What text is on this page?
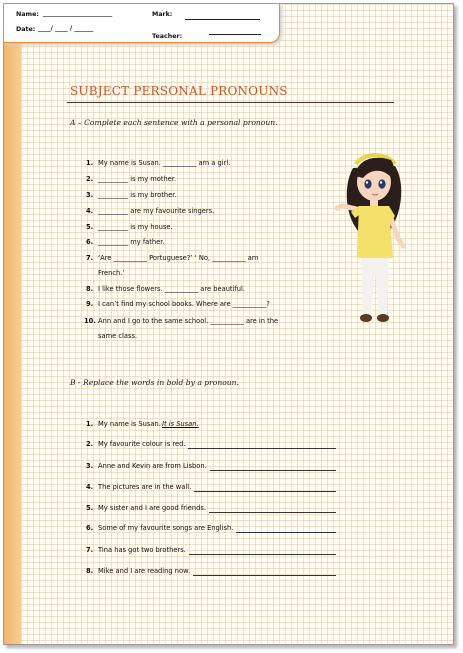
Name: ______________________	Mark:
Date: ____/ ____ / ______
Teacher:
SUBJECT PERSONAL PRONOUNS
A – Complete each sentence with a personal pronoun.
1. My name is Susan. __________ am a girl.
2. _________ is my mother.
3. _________ is my brother.
4. _________ are my favourite singers.
5. _________ is my house.
6. _________ my father.
7. ‘Are __________ Portuguese?’ ‘ No, __________ am
French.’
8. I like those flowers. __________ are beautiful.
9. I can’t find my school books. Where are __________?
10. Ann and I go to the same school. __________ are in the
same class.
B - Replace the words in bold by a pronoun.
1. My name is Susan. It is Susan.
2. My favourite colour is red.
3. Anne and Kevin are from Lisbon.
4. The pictures are in the wall.
5. My sister and I are good friends.
6. Some of my favourite songs are English.
7. Tina has got two brothers.
8. Mike and I are reading now.
